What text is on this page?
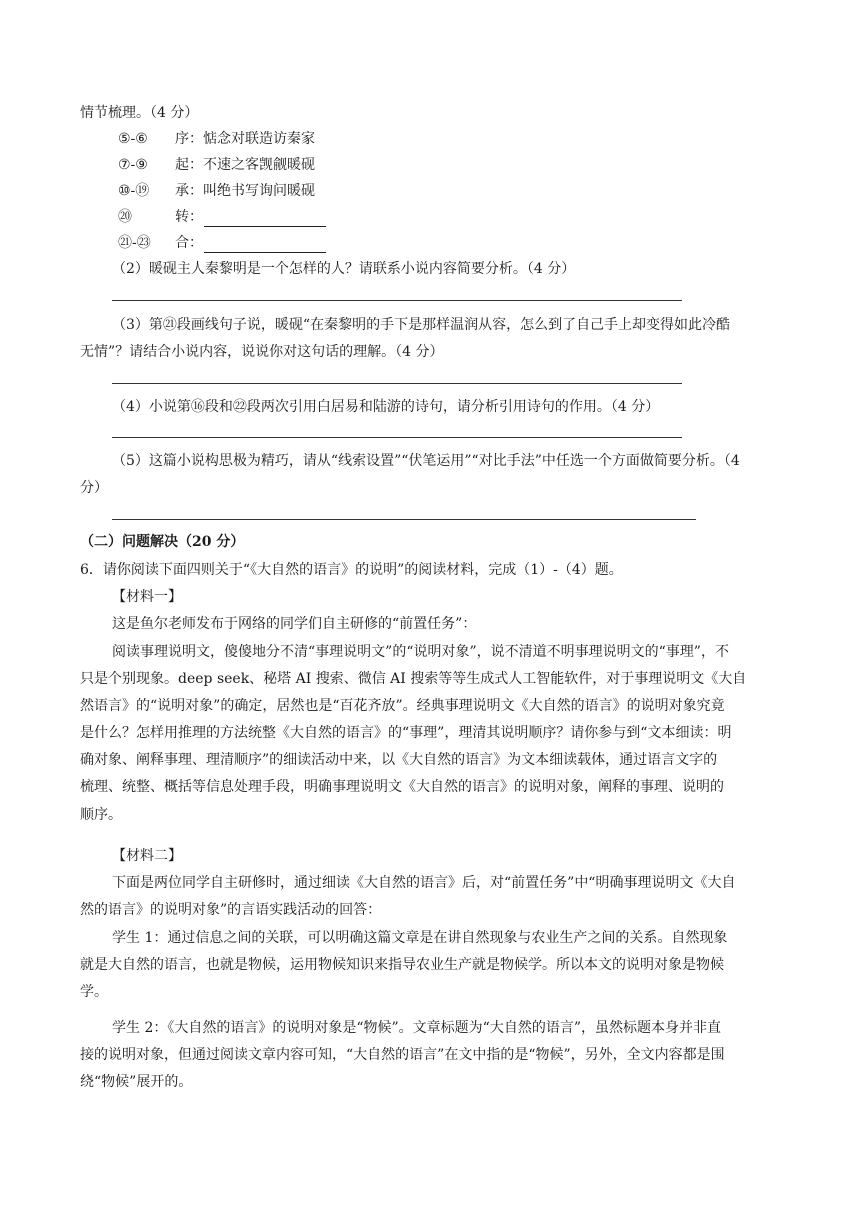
情节梳理。（4 分）
⑤-⑥ 序：惦念对联造访秦家
⑦-⑨ 起：不速之客觊觎暖砚
⑩-⑲ 承：叫绝书写询问暖砚
⑳	转：
㉑-㉓ 合：
（2）暖砚主人秦黎明是一个怎样的人？请联系小说内容简要分析。（4 分）
（3）第㉑段画线句子说，暖砚“在秦黎明的手下是那样温润从容，怎么到了自己手上却变得如此冷酷
无情”？请结合小说内容，说说你对这句话的理解。（4 分）
（4）小说第⑯段和㉒段两次引用白居易和陆游的诗句，请分析引用诗句的作用。（4 分）
（5）这篇小说构思极为精巧，请从“线索设置”“伏笔运用”“对比手法”中任选一个方面做简要分析。（4
分）
（二）问题解决（20 分）
6．请你阅读下面四则关于“《大自然的语言》的说明”的阅读材料，完成（1）-（4）题。
【材料一】
这是鱼尔老师发布于网络的同学们自主研修的“前置任务”：
阅读事理说明文，傻傻地分不清“事理说明文”的“说明对象”，说不清道不明事理说明文的“事理”，不
只是个别现象。deep seek、秘塔 AI 搜索、微信 AI 搜索等等生成式人工智能软件，对于事理说明文《大自
然语言》的“说明对象”的确定，居然也是“百花齐放”。经典事理说明文《大自然的语言》的说明对象究竟
是什么？怎样用推理的方法统整《大自然的语言》的“事理”，理清其说明顺序？请你参与到“文本细读：明
确对象、阐释事理、理清顺序”的细读活动中来，以《大自然的语言》为文本细读载体，通过语言文字的
梳理、统整、概括等信息处理手段，明确事理说明文《大自然的语言》的说明对象，阐释的事理、说明的
顺序。
【材料二】
下面是两位同学自主研修时，通过细读《大自然的语言》后，对“前置任务”中“明确事理说明文《大自
然的语言》的说明对象”的言语实践活动的回答：
学生 1：通过信息之间的关联，可以明确这篇文章是在讲自然现象与农业生产之间的关系。自然现象
就是大自然的语言，也就是物候，运用物候知识来指导农业生产就是物候学。所以本文的说明对象是物候
学。
学生 2：《大自然的语言》的说明对象是“物候”。文章标题为“大自然的语言”，虽然标题本身并非直
接的说明对象，但通过阅读文章内容可知，“大自然的语言”在文中指的是“物候”，另外，全文内容都是围
绕“物候”展开的。
